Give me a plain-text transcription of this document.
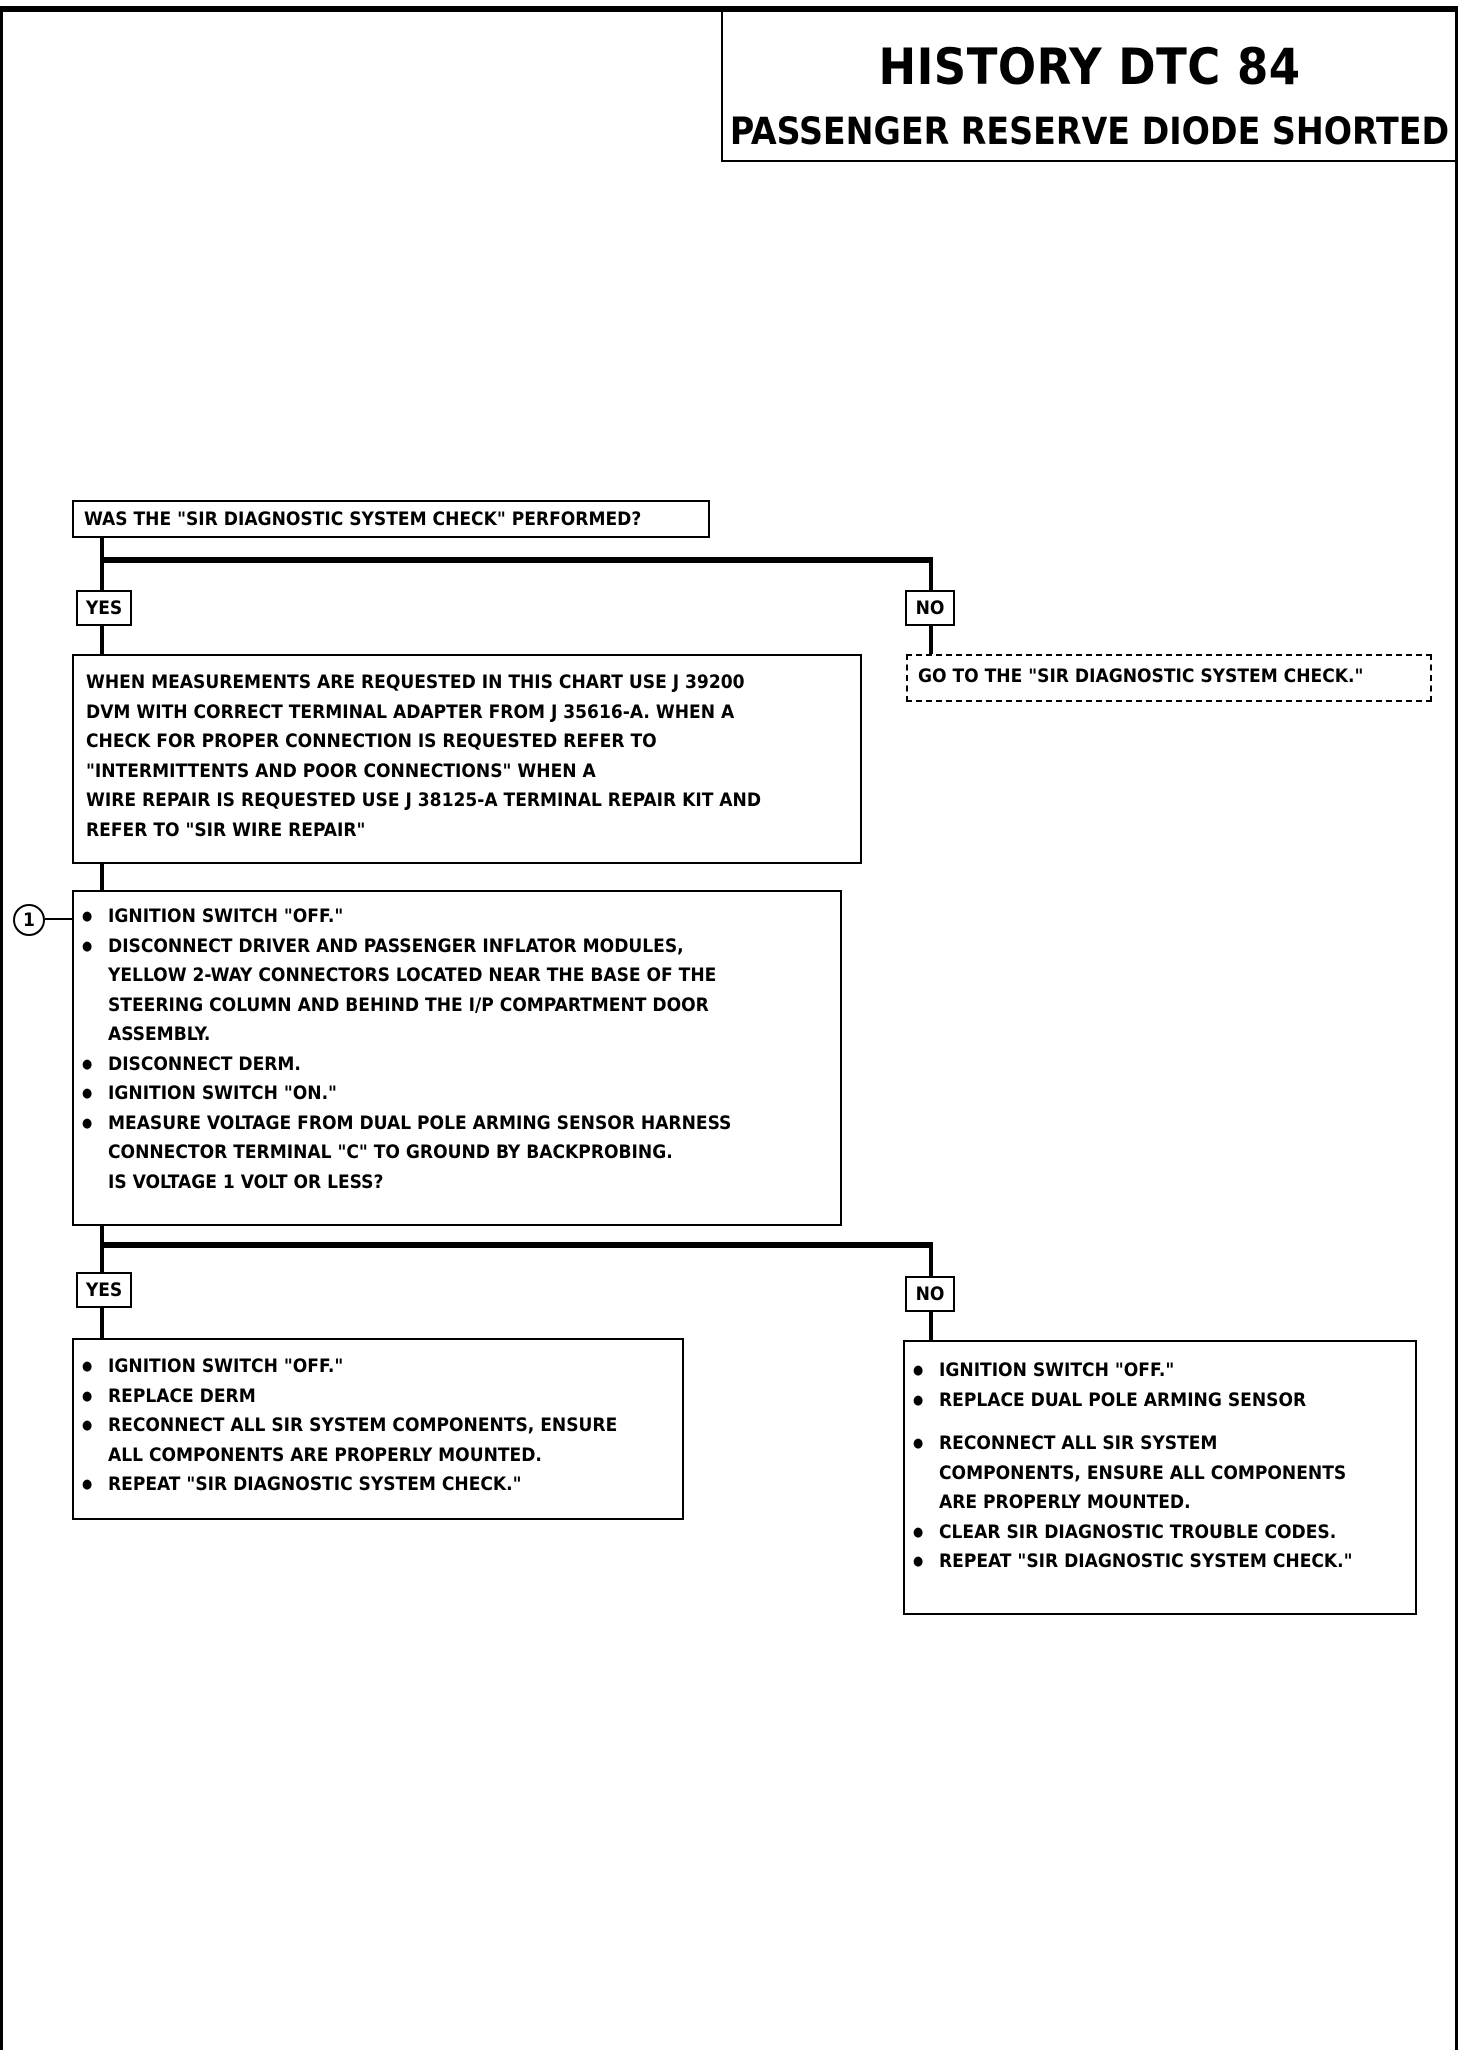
HISTORY DTC 84
PASSENGER RESERVE DIODE SHORTED

WAS THE "SIR DIAGNOSTIC SYSTEM CHECK" PERFORMED?

YES	NO

GO TO THE "SIR DIAGNOSTIC SYSTEM CHECK."

WHEN MEASUREMENTS ARE REQUESTED IN THIS CHART USE J 39200

DVM WITH CORRECT TERMINAL ADAPTER FROM J 35616-A. WHEN A

CHECK FOR PROPER CONNECTION IS REQUESTED REFER TO

"INTERMITTENTS AND POOR CONNECTIONS" WHEN A

WIRE REPAIR IS REQUESTED USE J 38125-A TERMINAL REPAIR KIT AND

REFER TO "SIR WIRE REPAIR"

1

●	IGNITION SWITCH "OFF."

● DISCONNECT DRIVER AND PASSENGER INFLATOR MODULES,

YELLOW 2-WAY CONNECTORS LOCATED NEAR THE BASE OF THE

STEERING COLUMN AND BEHIND THE I/P COMPARTMENT DOOR

ASSEMBLY.

● DISCONNECT DERM.

● IGNITION SWITCH "ON."

● MEASURE VOLTAGE FROM DUAL POLE ARMING SENSOR HARNESS

CONNECTOR TERMINAL "C" TO GROUND BY BACKPROBING.

IS VOLTAGE 1 VOLT OR LESS?

YES	NO

● IGNITION SWITCH "OFF."

● REPLACE DERM

● RECONNECT ALL SIR SYSTEM COMPONENTS, ENSURE

ALL COMPONENTS ARE PROPERLY MOUNTED.

● REPEAT "SIR DIAGNOSTIC SYSTEM CHECK."

● IGNITION SWITCH "OFF."

● REPLACE DUAL POLE ARMING SENSOR

● RECONNECT ALL SIR SYSTEM

COMPONENTS, ENSURE ALL COMPONENTS

ARE PROPERLY MOUNTED.

● CLEAR SIR DIAGNOSTIC TROUBLE CODES.

● REPEAT "SIR DIAGNOSTIC SYSTEM CHECK."
